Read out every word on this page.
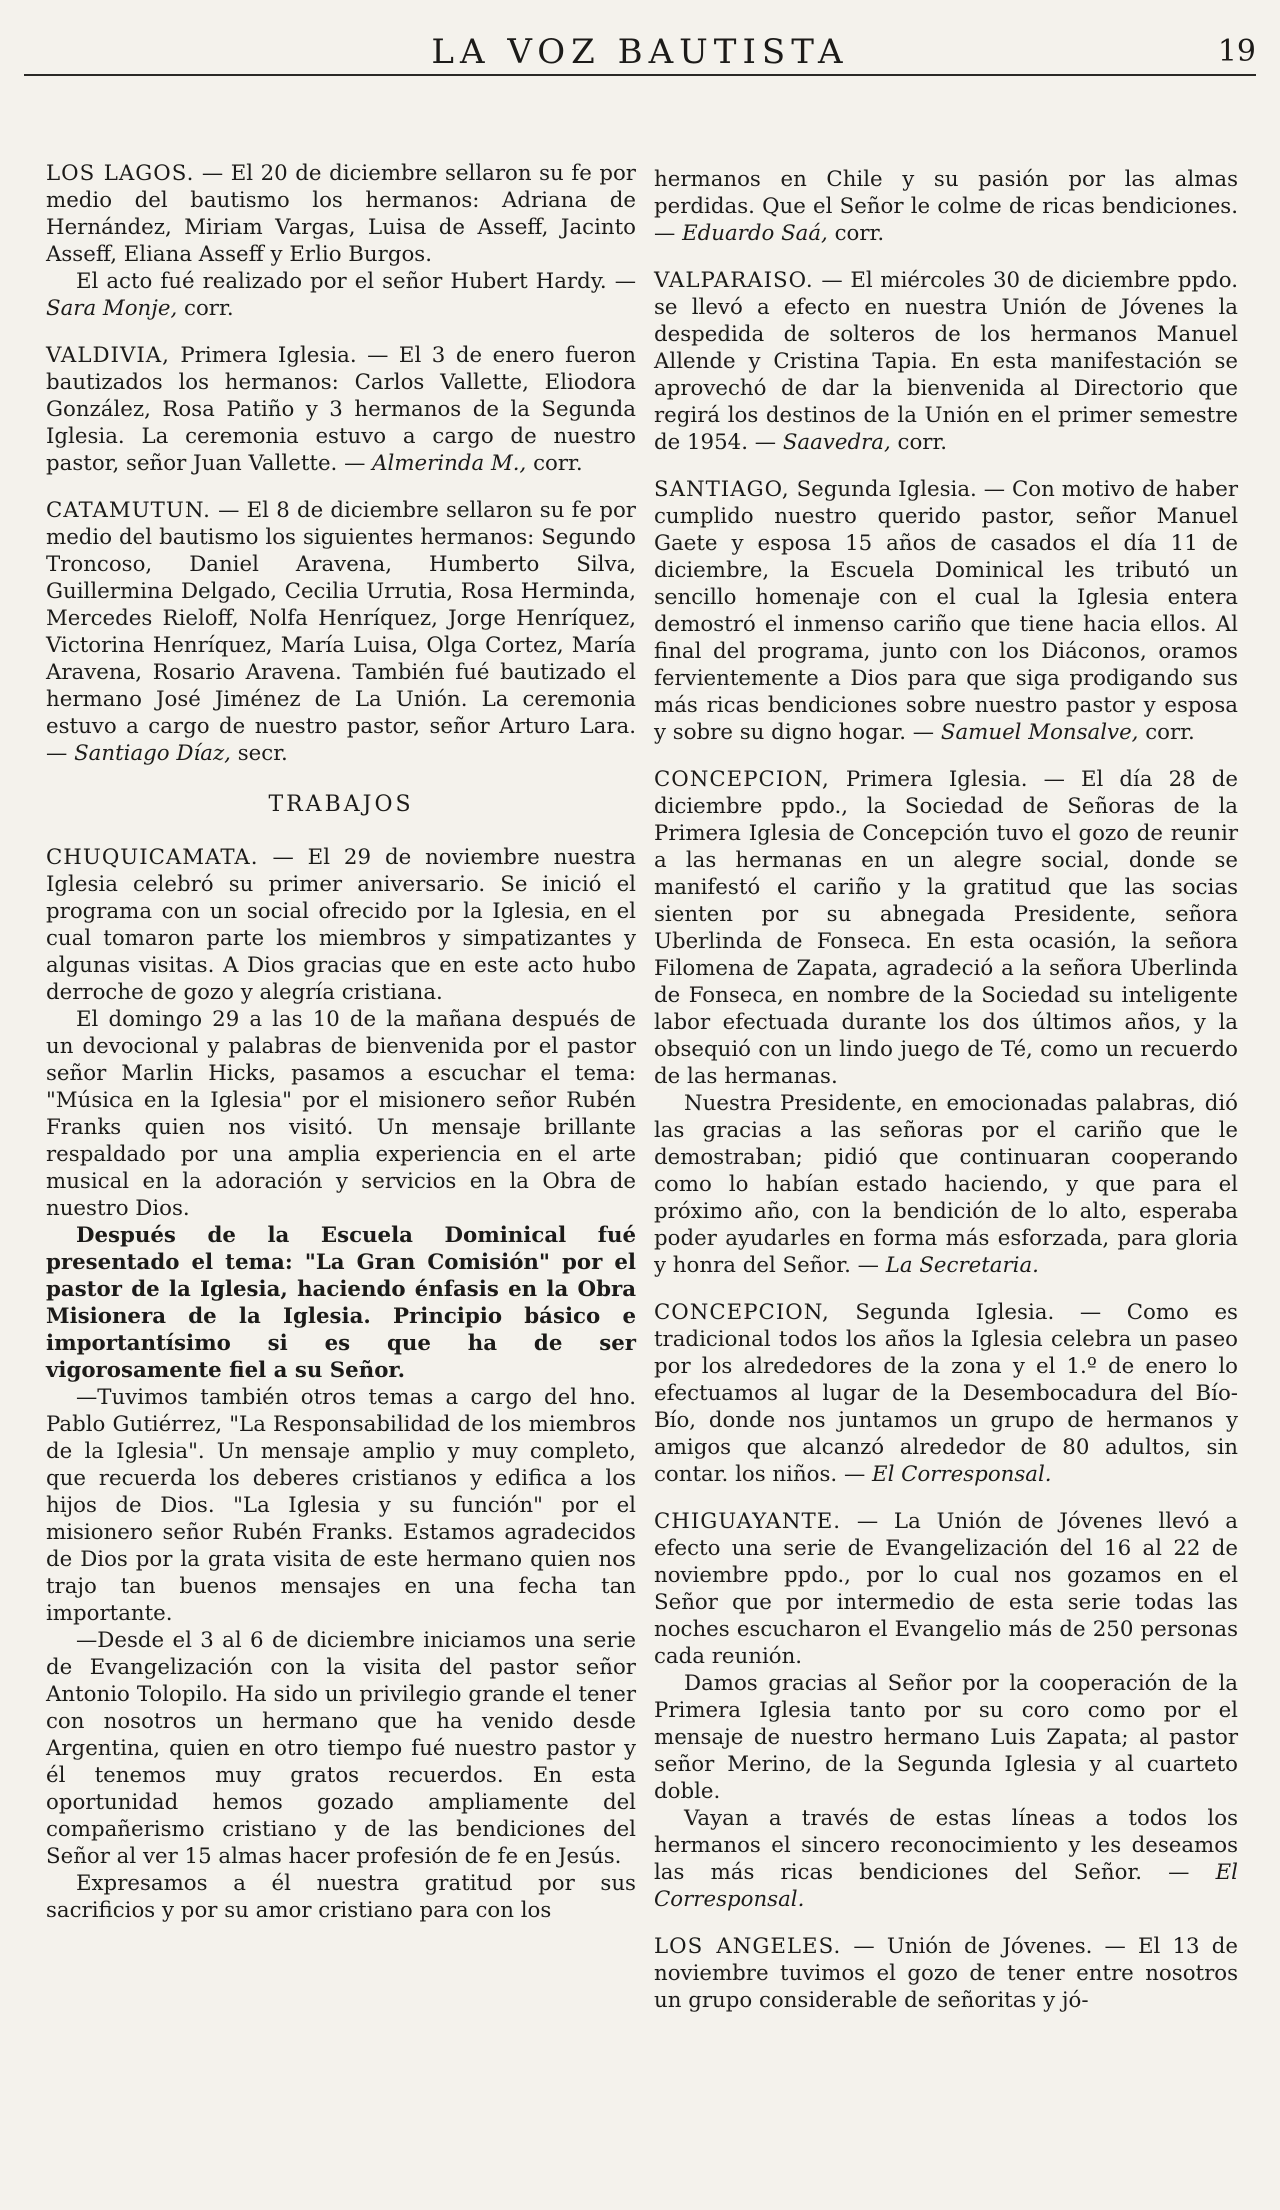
LA VOZ BAUTISTA	19

LOS LAGOS. — El 20 de diciembre sellaron su fe por medio del bautismo los hermanos: Adriana de Hernández, Miriam Vargas, Luisa de Asseff, Jacinto Asseff, Eliana Asseff y Erlio Burgos.

El acto fué realizado por el señor Hubert Hardy. — Sara Monje, corr.

VALDIVIA, Primera Iglesia. — El 3 de enero fueron bautizados los hermanos: Carlos Vallette, Eliodora González, Rosa Patiño y 3 hermanos de la Segunda Iglesia. La ceremonia estuvo a cargo de nuestro pastor, señor Juan Vallette. — Almerinda M., corr.

CATAMUTUN. — El 8 de diciembre sellaron su fe por medio del bautismo los siguientes hermanos: Segundo Troncoso, Daniel Aravena, Humberto Silva, Guillermina Delgado, Cecilia Urrutia, Rosa Herminda, Mercedes Rieloff, Nolfa Henríquez, Jorge Henríquez, Victorina Henríquez, María Luisa, Olga Cortez, María Aravena, Rosario Aravena. También fué bautizado el hermano José Jiménez de La Unión. La ceremonia estuvo a cargo de nuestro pastor, señor Arturo Lara. — Santiago Díaz, secr.

TRABAJOS

CHUQUICAMATA. — El 29 de noviembre nuestra Iglesia celebró su primer aniversario. Se inició el programa con un social ofrecido por la Iglesia, en el cual tomaron parte los miembros y simpatizantes y algunas visitas. A Dios gracias que en este acto hubo derroche de gozo y alegría cristiana.

El domingo 29 a las 10 de la mañana después de un devocional y palabras de bienvenida por el pastor señor Marlin Hicks, pasamos a escuchar el tema: "Música en la Iglesia" por el misionero señor Rubén Franks quien nos visitó. Un mensaje brillante respaldado por una amplia experiencia en el arte musical en la adoración y servicios en la Obra de nuestro Dios.

Después de la Escuela Dominical fué presentado el tema: "La Gran Comisión" por el pastor de la Iglesia, haciendo énfasis en la Obra Misionera de la Iglesia. Principio básico e importantísimo si es que ha de ser vigorosamente fiel a su Señor.

—Tuvimos también otros temas a cargo del hno. Pablo Gutiérrez, "La Responsabilidad de los miembros de la Iglesia". Un mensaje amplio y muy completo, que recuerda los deberes cristianos y edifica a los hijos de Dios. "La Iglesia y su función" por el misionero señor Rubén Franks. Estamos agradecidos de Dios por la grata visita de este hermano quien nos trajo tan buenos mensajes en una fecha tan importante.

—Desde el 3 al 6 de diciembre iniciamos una serie de Evangelización con la visita del pastor señor Antonio Tolopilo. Ha sido un privilegio grande el tener con nosotros un hermano que ha venido desde Argentina, quien en otro tiempo fué nuestro pastor y él tenemos muy gratos recuerdos. En esta oportunidad hemos gozado ampliamente del compañerismo cristiano y de las bendiciones del Señor al ver 15 almas hacer profesión de fe en Jesús.

Expresamos a él nuestra gratitud por sus sacrificios y por su amor cristiano para con los

hermanos en Chile y su pasión por las almas perdidas. Que el Señor le colme de ricas bendiciones. — Eduardo Saá, corr.

VALPARAISO. — El miércoles 30 de diciembre ppdo. se llevó a efecto en nuestra Unión de Jóvenes la despedida de solteros de los hermanos Manuel Allende y Cristina Tapia. En esta manifestación se aprovechó de dar la bienvenida al Directorio que regirá los destinos de la Unión en el primer semestre de 1954. — Saavedra, corr.

SANTIAGO, Segunda Iglesia. — Con motivo de haber cumplido nuestro querido pastor, señor Manuel Gaete y esposa 15 años de casados el día 11 de diciembre, la Escuela Dominical les tributó un sencillo homenaje con el cual la Iglesia entera demostró el inmenso cariño que tiene hacia ellos. Al final del programa, junto con los Diáconos, oramos fervientemente a Dios para que siga prodigando sus más ricas bendiciones sobre nuestro pastor y esposa y sobre su digno hogar. — Samuel Monsalve, corr.

CONCEPCION, Primera Iglesia. — El día 28 de diciembre ppdo., la Sociedad de Señoras de la Primera Iglesia de Concepción tuvo el gozo de reunir a las hermanas en un alegre social, donde se manifestó el cariño y la gratitud que las socias sienten por su abnegada Presidente, señora Uberlinda de Fonseca. En esta ocasión, la señora Filomena de Zapata, agradeció a la señora Uberlinda de Fonseca, en nombre de la Sociedad su inteligente labor efectuada durante los dos últimos años, y la obsequió con un lindo juego de Té, como un recuerdo de las hermanas.

Nuestra Presidente, en emocionadas palabras, dió las gracias a las señoras por el cariño que le demostraban; pidió que continuaran cooperando como lo habían estado haciendo, y que para el próximo año, con la bendición de lo alto, esperaba poder ayudarles en forma más esforzada, para gloria y honra del Señor. — La Secretaria.

CONCEPCION, Segunda Iglesia. — Como es tradicional todos los años la Iglesia celebra un paseo por los alrededores de la zona y el 1.º de enero lo efectuamos al lugar de la Desembocadura del Bío-Bío, donde nos juntamos un grupo de hermanos y amigos que alcanzó alrededor de 80 adultos, sin contar. los niños. — El Corresponsal.

CHIGUAYANTE. — La Unión de Jóvenes llevó a efecto una serie de Evangelización del 16 al 22 de noviembre ppdo., por lo cual nos gozamos en el Señor que por intermedio de esta serie todas las noches escucharon el Evangelio más de 250 personas cada reunión.

Damos gracias al Señor por la cooperación de la Primera Iglesia tanto por su coro como por el mensaje de nuestro hermano Luis Zapata; al pastor señor Merino, de la Segunda Iglesia y al cuarteto doble.

Vayan a través de estas líneas a todos los hermanos el sincero reconocimiento y les deseamos las más ricas bendiciones del Señor. — El Corresponsal.

LOS ANGELES. — Unión de Jóvenes. — El 13 de noviembre tuvimos el gozo de tener entre nosotros un grupo considerable de señoritas y jó-
